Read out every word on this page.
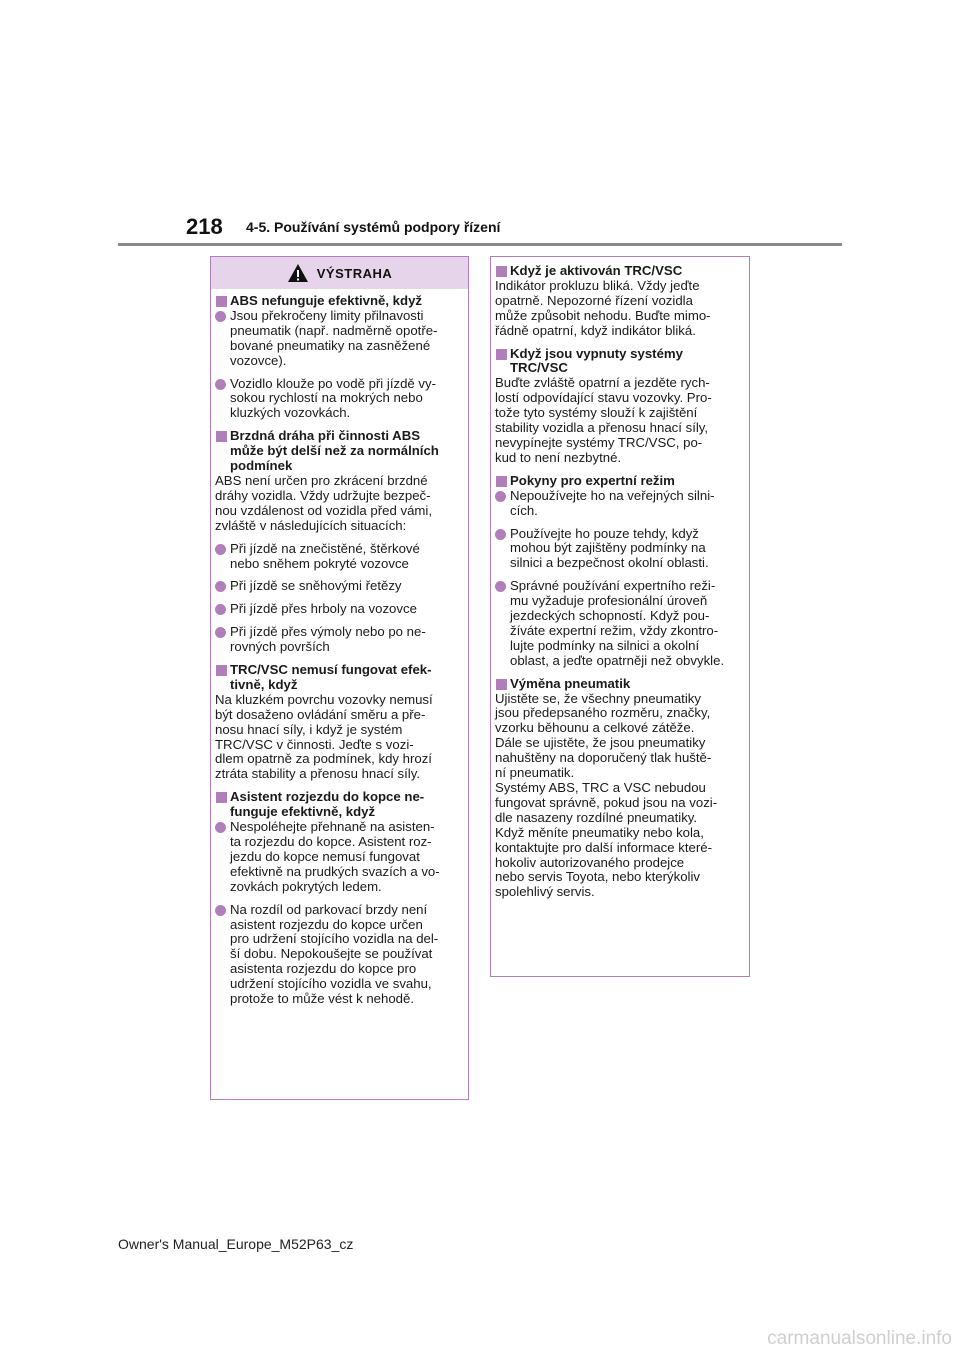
218 4-5. Používání systémů podpory řízení
VÝSTRAHA

ABS nefunguje efektivně, když

Jsou překročeny limity přilnavosti
pneumatik (např. nadměrně opotře-
bované pneumatiky na zasněžené
vozovce).
Vozidlo klouže po vodě při jízdě vy-
sokou rychlostí na mokrých nebo
kluzkých vozovkách.

Brzdná dráha při činnosti ABS
může být delší než za normálních
podmínek

ABS není určen pro zkrácení brzdné
dráhy vozidla. Vždy udržujte bezpeč-
nou vzdálenost od vozidla před vámi,
zvláště v následujících situacích:

Při jízdě na znečistěné, štěrkové
nebo sněhem pokryté vozovce
Při jízdě se sněhovými řetězy
Při jízdě přes hrboly na vozovce
Při jízdě přes výmoly nebo po ne-
rovných površích

TRC/VSC nemusí fungovat efek-
tivně, když

Na kluzkém povrchu vozovky nemusí
být dosaženo ovládání směru a pře-
nosu hnací síly, i když je systém
TRC/VSC v činnosti. Jeďte s vozi-
dlem opatrně za podmínek, kdy hrozí
ztráta stability a přenosu hnací síly.

Asistent rozjezdu do kopce ne-
funguje efektivně, když

Nespoléhejte přehnaně na asisten-
ta rozjezdu do kopce. Asistent roz-
jezdu do kopce nemusí fungovat
efektivně na prudkých svazích a vo-
zovkách pokrytých ledem.
Na rozdíl od parkovací brzdy není
asistent rozjezdu do kopce určen
pro udržení stojícího vozidla na del-
ší dobu. Nepokoušejte se používat
asistenta rozjezdu do kopce pro
udržení stojícího vozidla ve svahu,
protože to může vést k nehodě.

Když je aktivován TRC/VSC

Indikátor prokluzu bliká. Vždy jeďte
opatrně. Nepozorné řízení vozidla
může způsobit nehodu. Buďte mimo-
řádně opatrní, když indikátor bliká.

Když jsou vypnuty systémy
TRC/VSC

Buďte zvláště opatrní a jezděte rych-
lostí odpovídající stavu vozovky. Pro-
tože tyto systémy slouží k zajištění
stability vozidla a přenosu hnací síly,
nevypínejte systémy TRC/VSC, po-
kud to není nezbytné.

Pokyny pro expertní režim

Nepoužívejte ho na veřejných silni-
cích.
Používejte ho pouze tehdy, když
mohou být zajištěny podmínky na
silnici a bezpečnost okolní oblasti.
Správné používání expertního reži-
mu vyžaduje profesionální úroveň
jezdeckých schopností. Když pou-
žíváte expertní režim, vždy zkontro-
lujte podmínky na silnici a okolní
oblast, a jeďte opatrněji než obvykle.

Výměna pneumatik

Ujistěte se, že všechny pneumatiky
jsou předepsaného rozměru, značky,
vzorku běhounu a celkové zátěže.
Dále se ujistěte, že jsou pneumatiky
nahuštěny na doporučený tlak huště-
ní pneumatik.
Systémy ABS, TRC a VSC nebudou
fungovat správně, pokud jsou na vozi-
dle nasazeny rozdílné pneumatiky.
Když měníte pneumatiky nebo kola,
kontaktujte pro další informace které-
hokoliv autorizovaného prodejce
nebo servis Toyota, nebo kterýkoliv
spolehlivý servis.

Owner's Manual_Europe_M52P63_cz
carmanualsonline.info
